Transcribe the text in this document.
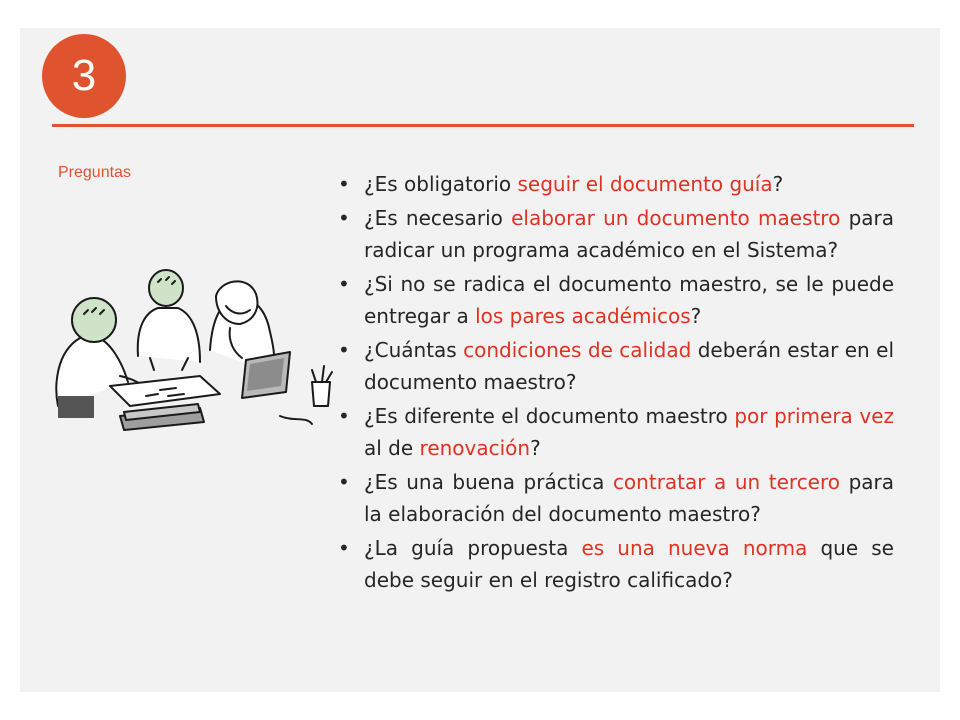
3
Preguntas	• ¿Es obligatorio seguir el documento guía?
• ¿Es necesario elaborar un documento maestro para radicar un programa académico en el Sistema?
• ¿Si no se radica el documento maestro, se le puede entregar a los pares académicos?
• ¿Cuántas condiciones de calidad deberán estar en el documento maestro?
• ¿Es diferente el documento maestro por primera vez al de renovación?
• ¿Es una buena práctica contratar a un tercero para la elaboración del documento maestro?
• ¿La guía propuesta es una nueva norma que se debe seguir en el registro calificado?
